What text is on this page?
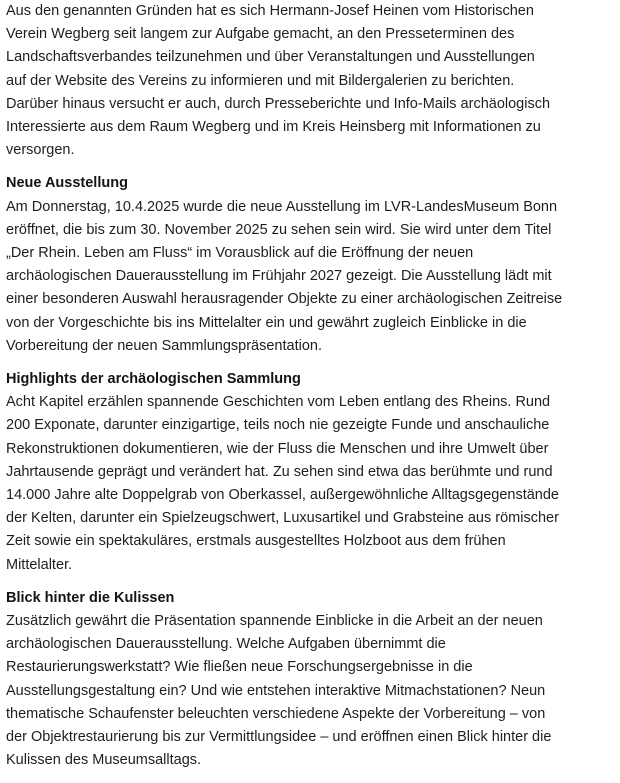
Aus den genannten Gründen hat es sich Hermann-Josef Heinen vom Historischen
Verein Wegberg seit langem zur Aufgabe gemacht, an den Presseterminen des
Landschaftsverbandes teilzunehmen und über Veranstaltungen und Ausstellungen
auf der Website des Vereins zu informieren und mit Bildergalerien zu berichten.
Darüber hinaus versucht er auch, durch Presseberichte und Info-Mails archäologisch
Interessierte aus dem Raum Wegberg und im Kreis Heinsberg mit Informationen zu
versorgen.

Neue Ausstellung

Am Donnerstag, 10.4.2025 wurde die neue Ausstellung im LVR-LandesMuseum Bonn
eröffnet, die bis zum 30. November 2025 zu sehen sein wird. Sie wird unter dem Titel
„Der Rhein. Leben am Fluss“ im Vorausblick auf die Eröffnung der neuen
archäologischen Dauerausstellung im Frühjahr 2027 gezeigt. Die Ausstellung lädt mit
einer besonderen Auswahl herausragender Objekte zu einer archäologischen Zeitreise
von der Vorgeschichte bis ins Mittelalter ein und gewährt zugleich Einblicke in die
Vorbereitung der neuen Sammlungspräsentation.

Highlights der archäologischen Sammlung

Acht Kapitel erzählen spannende Geschichten vom Leben entlang des Rheins. Rund
200 Exponate, darunter einzigartige, teils noch nie gezeigte Funde und anschauliche
Rekonstruktionen dokumentieren, wie der Fluss die Menschen und ihre Umwelt über
Jahrtausende geprägt und verändert hat. Zu sehen sind etwa das berühmte und rund
14.000 Jahre alte Doppelgrab von Oberkassel, außergewöhnliche Alltagsgegenstände
der Kelten, darunter ein Spielzeugschwert, Luxusartikel und Grabsteine aus römischer
Zeit sowie ein spektakuläres, erstmals ausgestelltes Holzboot aus dem frühen
Mittelalter.

Blick hinter die Kulissen

Zusätzlich gewährt die Präsentation spannende Einblicke in die Arbeit an der neuen
archäologischen Dauerausstellung. Welche Aufgaben übernimmt die
Restaurierungswerkstatt? Wie fließen neue Forschungsergebnisse in die
Ausstellungsgestaltung ein? Und wie entstehen interaktive Mitmachstationen? Neun
thematische Schaufenster beleuchten verschiedene Aspekte der Vorbereitung – von
der Objektrestaurierung bis zur Vermittlungsidee – und eröffnen einen Blick hinter die
Kulissen des Museumsalltags.
